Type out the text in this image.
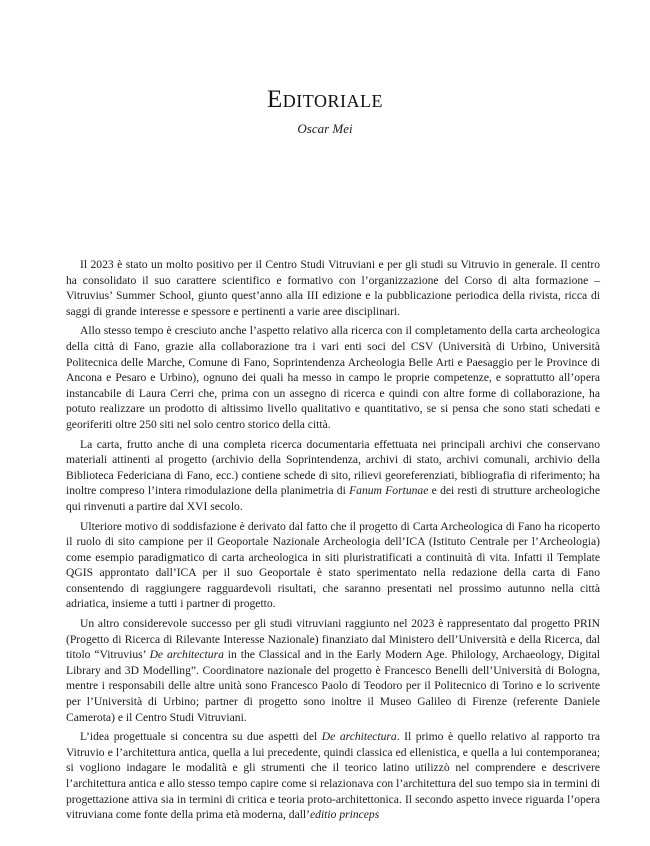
Editoriale
Oscar Mei

Il 2023 è stato un molto positivo per il Centro Studi Vitruviani e per gli studi su Vitruvio in generale. Il centro ha consolidato il suo carattere scientifico e formativo con l’organizzazione del Corso di alta formazione – Vitruvius’ Summer School, giunto quest’anno alla III edizione e la pubblicazione periodica della rivista, ricca di saggi di grande interesse e spessore e pertinenti a varie aree disciplinari.

Allo stesso tempo è cresciuto anche l’aspetto relativo alla ricerca con il completamento della carta archeologica della città di Fano, grazie alla collaborazione tra i vari enti soci del CSV (Università di Urbino, Università Politecnica delle Marche, Comune di Fano, Soprintendenza Archeologia Belle Arti e Paesaggio per le Province di Ancona e Pesaro e Urbino), ognuno dei quali ha messo in campo le proprie competenze, e soprattutto all’opera instancabile di Laura Cerri che, prima con un assegno di ricerca e quindi con altre forme di collaborazione, ha potuto realizzare un prodotto di altissimo livello qualitativo e quantitativo, se si pensa che sono stati schedati e georiferiti oltre 250 siti nel solo centro storico della città.

La carta, frutto anche di una completa ricerca documentaria effettuata nei principali archivi che conservano materiali attinenti al progetto (archivio della Soprintendenza, archivi di stato, archivi comunali, archivio della Biblioteca Federiciana di Fano, ecc.) contiene schede di sito, rilievi georeferenziati, bibliografia di riferimento; ha inoltre compreso l’intera rimodulazione della planimetria di Fanum Fortunae e dei resti di strutture archeologiche qui rinvenuti a partire dal XVI secolo.

Ulteriore motivo di soddisfazione è derivato dal fatto che il progetto di Carta Archeologica di Fano ha ricoperto il ruolo di sito campione per il Geoportale Nazionale Archeologia dell’ICA (Istituto Centrale per l’Archeologia) come esempio paradigmatico di carta archeologica in siti pluristratificati a continuità di vita. Infatti il Template QGIS approntato dall’ICA per il suo Geoportale è stato sperimentato nella redazione della carta di Fano consentendo di raggiungere ragguardevoli risultati, che saranno presentati nel prossimo autunno nella città adriatica, insieme a tutti i partner di progetto.

Un altro considerevole successo per gli studi vitruviani raggiunto nel 2023 è rappresentato dal progetto PRIN (Progetto di Ricerca di Rilevante Interesse Nazionale) finanziato dal Ministero dell’Università e della Ricerca, dal titolo “Vitruvius’ De architectura in the Classical and in the Early Modern Age. Philology, Archaeology, Digital Library and 3D Modelling”. Coordinatore nazionale del progetto è Francesco Benelli dell’Università di Bologna, mentre i responsabili delle altre unità sono Francesco Paolo di Teodoro per il Politecnico di Torino e lo scrivente per l’Università di Urbino; partner di progetto sono inoltre il Museo Galileo di Firenze (referente Daniele Camerota) e il Centro Studi Vitruviani.

L’idea progettuale si concentra su due aspetti del De architectura. Il primo è quello relativo al rapporto tra Vitruvio e l’architettura antica, quella a lui precedente, quindi classica ed ellenistica, e quella a lui contemporanea; si vogliono indagare le modalità e gli strumenti che il teorico latino utilizzò nel comprendere e descrivere l’architettura antica e allo stesso tempo capire come si relazionava con l’architettura del suo tempo sia in termini di progettazione attiva sia in termini di critica e teoria proto-architettonica. Il secondo aspetto invece riguarda l’opera vitruviana come fonte della prima età moderna, dall’editio princeps
